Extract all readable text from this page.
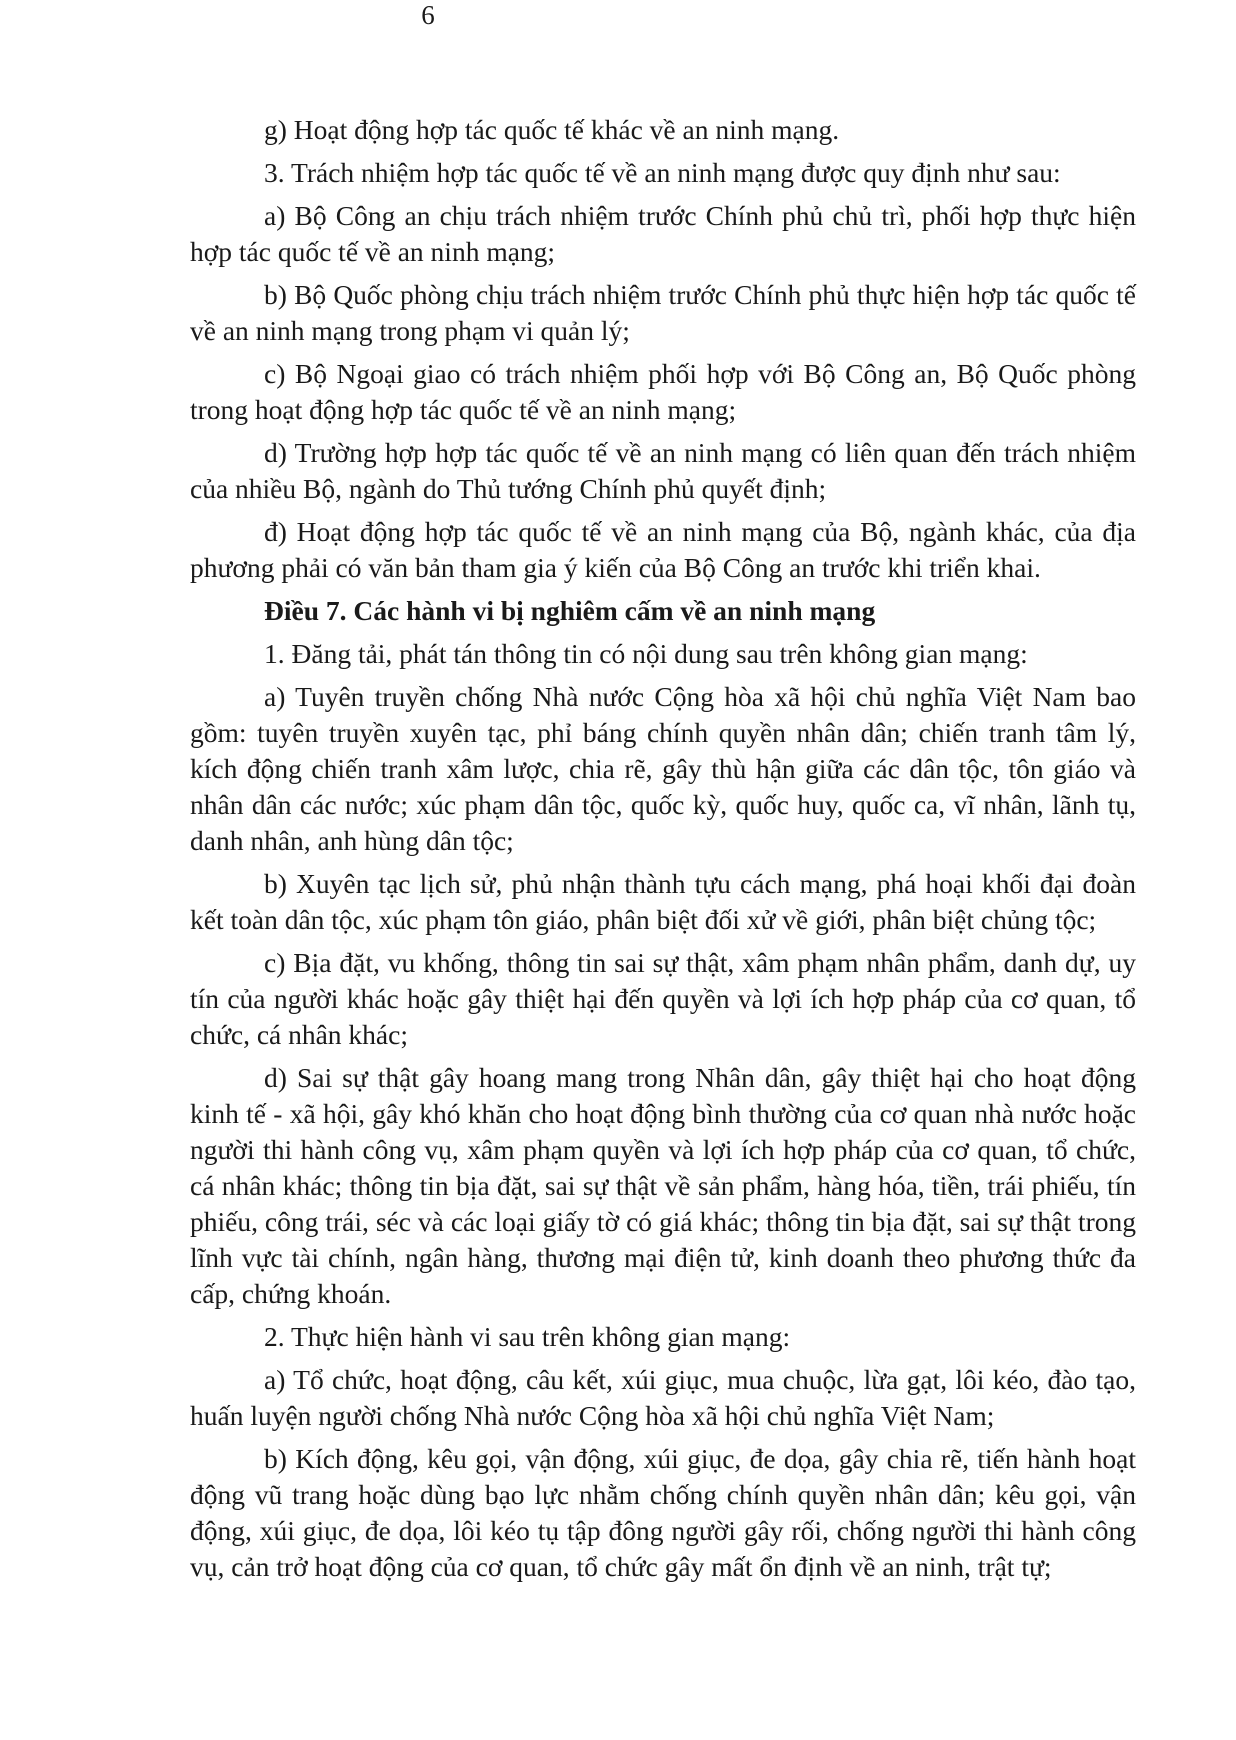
6

g) Hoạt động hợp tác quốc tế khác về an ninh mạng.

3. Trách nhiệm hợp tác quốc tế về an ninh mạng được quy định như sau:

a) Bộ Công an chịu trách nhiệm trước Chính phủ chủ trì, phối hợp thực hiện hợp tác quốc tế về an ninh mạng;

b) Bộ Quốc phòng chịu trách nhiệm trước Chính phủ thực hiện hợp tác quốc tế về an ninh mạng trong phạm vi quản lý;

c) Bộ Ngoại giao có trách nhiệm phối hợp với Bộ Công an, Bộ Quốc phòng trong hoạt động hợp tác quốc tế về an ninh mạng;

d) Trường hợp hợp tác quốc tế về an ninh mạng có liên quan đến trách nhiệm của nhiều Bộ, ngành do Thủ tướng Chính phủ quyết định;

đ) Hoạt động hợp tác quốc tế về an ninh mạng của Bộ, ngành khác, của địa phương phải có văn bản tham gia ý kiến của Bộ Công an trước khi triển khai.

Điều 7. Các hành vi bị nghiêm cấm về an ninh mạng

1. Đăng tải, phát tán thông tin có nội dung sau trên không gian mạng:

a) Tuyên truyền chống Nhà nước Cộng hòa xã hội chủ nghĩa Việt Nam bao gồm: tuyên truyền xuyên tạc, phỉ báng chính quyền nhân dân; chiến tranh tâm lý, kích động chiến tranh xâm lược, chia rẽ, gây thù hận giữa các dân tộc, tôn giáo và nhân dân các nước; xúc phạm dân tộc, quốc kỳ, quốc huy, quốc ca, vĩ nhân, lãnh tụ, danh nhân, anh hùng dân tộc;

b) Xuyên tạc lịch sử, phủ nhận thành tựu cách mạng, phá hoại khối đại đoàn kết toàn dân tộc, xúc phạm tôn giáo, phân biệt đối xử về giới, phân biệt chủng tộc;

c) Bịa đặt, vu khống, thông tin sai sự thật, xâm phạm nhân phẩm, danh dự, uy tín của người khác hoặc gây thiệt hại đến quyền và lợi ích hợp pháp của cơ quan, tổ chức, cá nhân khác;

d) Sai sự thật gây hoang mang trong Nhân dân, gây thiệt hại cho hoạt động kinh tế - xã hội, gây khó khăn cho hoạt động bình thường của cơ quan nhà nước hoặc người thi hành công vụ, xâm phạm quyền và lợi ích hợp pháp của cơ quan, tổ chức, cá nhân khác; thông tin bịa đặt, sai sự thật về sản phẩm, hàng hóa, tiền, trái phiếu, tín phiếu, công trái, séc và các loại giấy tờ có giá khác; thông tin bịa đặt, sai sự thật trong lĩnh vực tài chính, ngân hàng, thương mại điện tử, kinh doanh theo phương thức đa cấp, chứng khoán.

2. Thực hiện hành vi sau trên không gian mạng:

a) Tổ chức, hoạt động, câu kết, xúi giục, mua chuộc, lừa gạt, lôi kéo, đào tạo, huấn luyện người chống Nhà nước Cộng hòa xã hội chủ nghĩa Việt Nam;

b) Kích động, kêu gọi, vận động, xúi giục, đe dọa, gây chia rẽ, tiến hành hoạt động vũ trang hoặc dùng bạo lực nhằm chống chính quyền nhân dân; kêu gọi, vận động, xúi giục, đe dọa, lôi kéo tụ tập đông người gây rối, chống người thi hành công vụ, cản trở hoạt động của cơ quan, tổ chức gây mất ổn định về an ninh, trật tự;
